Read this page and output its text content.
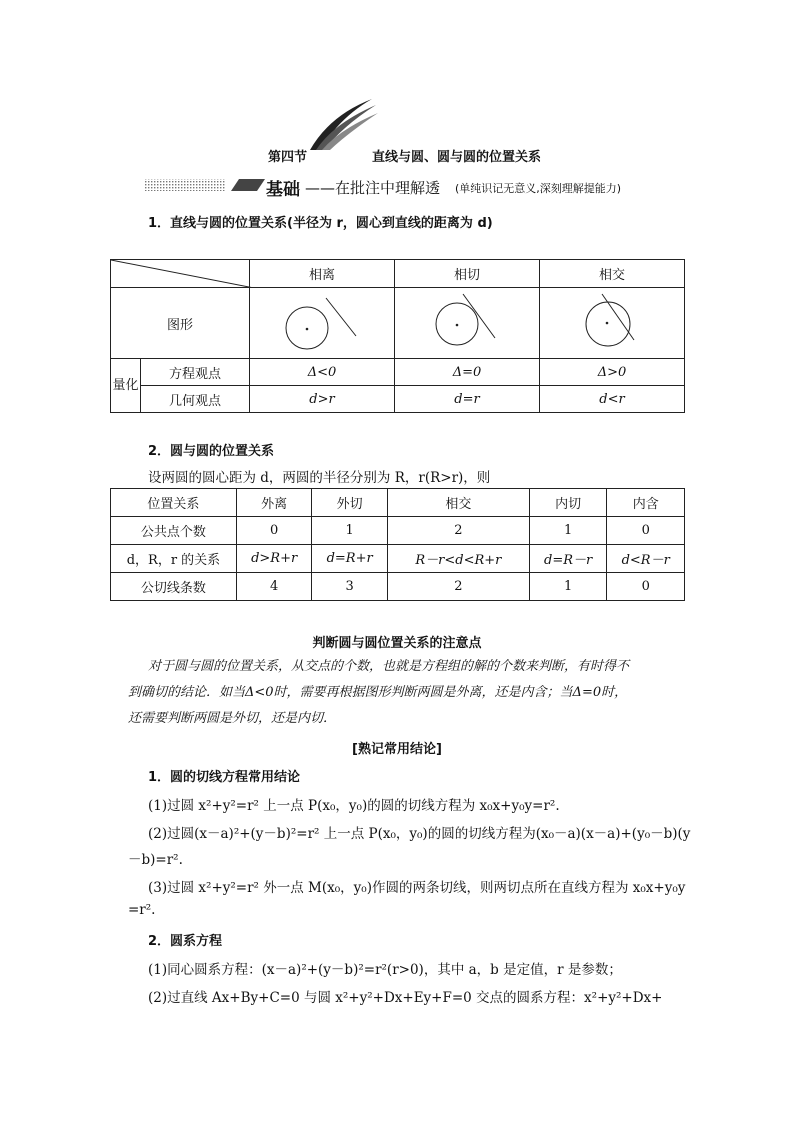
第四节	直线与圆、圆与圆的位置关系
基础 ——在批注中理解透 (单纯识记无意义,深刻理解提能力)
1．直线与圆的位置关系(半径为 r，圆心到直线的距离为 d)
	相离	相切	相交
图形			
量化	方程观点	Δ<0	Δ=0	Δ>0
	几何观点	d>r	d=r	d<r
2．圆与圆的位置关系
设两圆的圆心距为 d，两圆的半径分别为 R，r(R>r)，则
位置关系	外离	外切	相交	内切	内含
公共点个数	0	1	2	1	0
d，R，r 的关系	d>R+r	d=R+r	R－r<d<R+r	d=R－r	d<R－r
公切线条数	4	3	2	1	0
判断圆与圆位置关系的注意点
对于圆与圆的位置关系，从交点的个数，也就是方程组的解的个数来判断，有时得不
到确切的结论．如当Δ<0时，需要再根据图形判断两圆是外离，还是内含；当Δ=0时，
还需要判断两圆是外切，还是内切．
[熟记常用结论]
1．圆的切线方程常用结论
(1)过圆 x²+y²=r² 上一点 P(x₀，y₀)的圆的切线方程为 x₀x+y₀y=r².
(2)过圆(x－a)²+(y－b)²=r² 上一点 P(x₀，y₀)的圆的切线方程为(x₀－a)(x－a)+(y₀－b)(y
－b)=r².
(3)过圆 x²+y²=r² 外一点 M(x₀，y₀)作圆的两条切线，则两切点所在直线方程为 x₀x+y₀y
=r².
2．圆系方程
(1)同心圆系方程：(x－a)²+(y－b)²=r²(r>0)，其中 a，b 是定值，r 是参数；
(2)过直线 Ax+By+C=0 与圆 x²+y²+Dx+Ey+F=0 交点的圆系方程：x²+y²+Dx+
